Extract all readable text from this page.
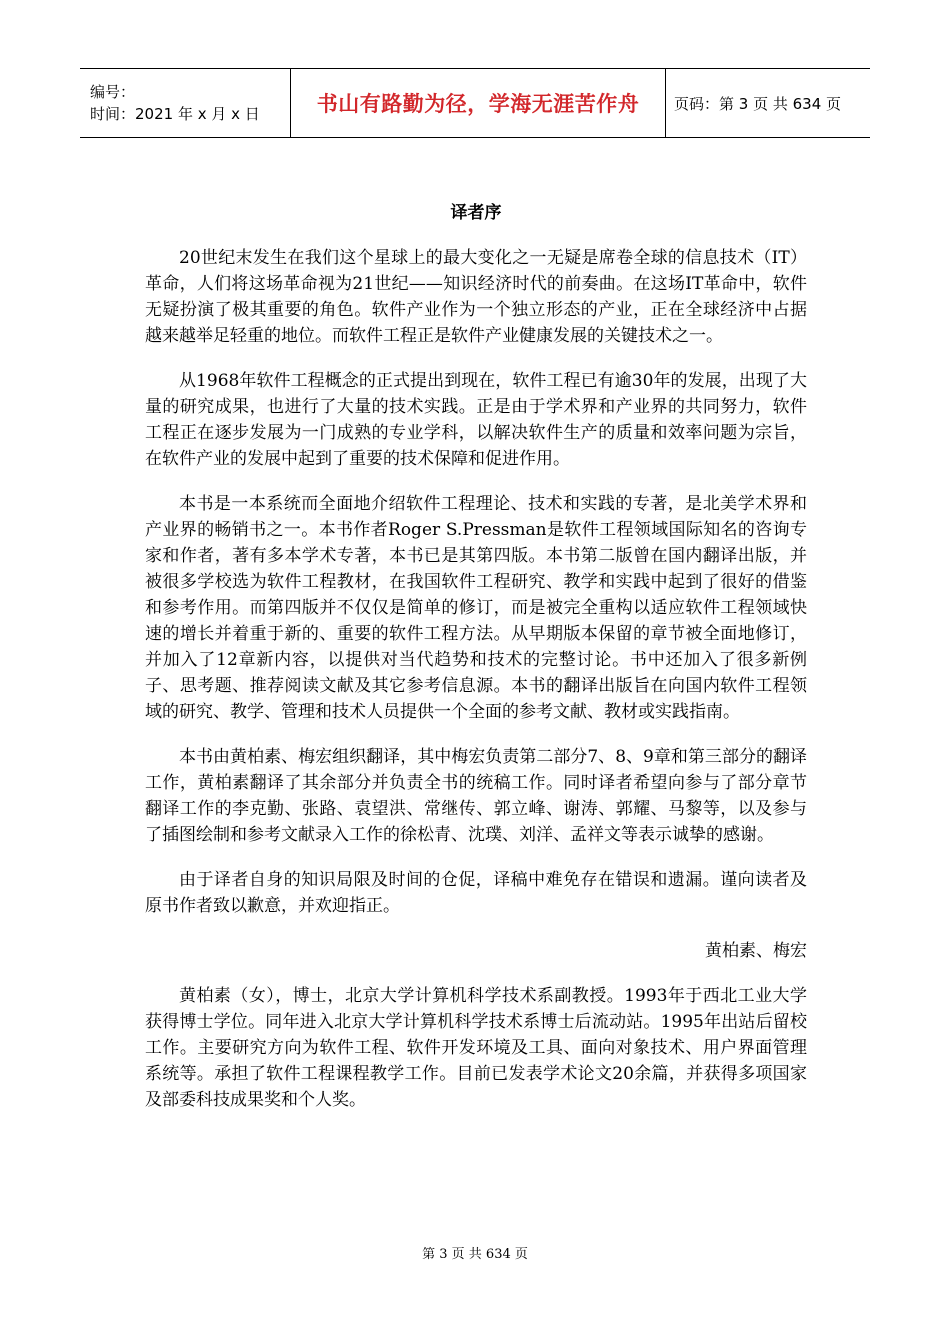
编号：
时间：2021 年 x 月 x 日	书山有路勤为径，学海无涯苦作舟 页码：第 3 页 共 634 页
译者序

20世纪末发生在我们这个星球上的最大变化之一无疑是席卷全球的信息技术（IT）革命，人们将这场革命视为21世纪——知识经济时代的前奏曲。在这场IT革命中，软件无疑扮演了极其重要的角色。软件产业作为一个独立形态的产业，正在全球经济中占据越来越举足轻重的地位。而软件工程正是软件产业健康发展的关键技术之一。

从1968年软件工程概念的正式提出到现在，软件工程已有逾30年的发展，出现了大量的研究成果，也进行了大量的技术实践。正是由于学术界和产业界的共同努力，软件工程正在逐步发展为一门成熟的专业学科，以解决软件生产的质量和效率问题为宗旨，在软件产业的发展中起到了重要的技术保障和促进作用。

本书是一本系统而全面地介绍软件工程理论、技术和实践的专著，是北美学术界和产业界的畅销书之一。本书作者Roger S.Pressman是软件工程领域国际知名的咨询专家和作者，著有多本学术专著，本书已是其第四版。本书第二版曾在国内翻译出版，并被很多学校选为软件工程教材，在我国软件工程研究、教学和实践中起到了很好的借鉴和参考作用。而第四版并不仅仅是简单的修订，而是被完全重构以适应软件工程领域快速的增长并着重于新的、重要的软件工程方法。从早期版本保留的章节被全面地修订，并加入了12章新内容，以提供对当代趋势和技术的完整讨论。书中还加入了很多新例子、思考题、推荐阅读文献及其它参考信息源。本书的翻译出版旨在向国内软件工程领域的研究、教学、管理和技术人员提供一个全面的参考文献、教材或实践指南。

本书由黄柏素、梅宏组织翻译，其中梅宏负责第二部分7、8、9章和第三部分的翻译工作，黄柏素翻译了其余部分并负责全书的统稿工作。同时译者希望向参与了部分章节翻译工作的李克勤、张路、袁望洪、常继传、郭立峰、谢涛、郭耀、马黎等，以及参与了插图绘制和参考文献录入工作的徐松青、沈璞、刘洋、孟祥文等表示诚挚的感谢。

由于译者自身的知识局限及时间的仓促，译稿中难免存在错误和遗漏。谨向读者及原书作者致以歉意，并欢迎指正。

黄柏素、梅宏

黄柏素（女），博士，北京大学计算机科学技术系副教授。1993年于西北工业大学获得博士学位。同年进入北京大学计算机科学技术系博士后流动站。1995年出站后留校工作。主要研究方向为软件工程、软件开发环境及工具、面向对象技术、用户界面管理系统等。承担了软件工程课程教学工作。目前已发表学术论文20余篇，并获得多项国家及部委科技成果奖和个人奖。

第 3 页 共 634 页
